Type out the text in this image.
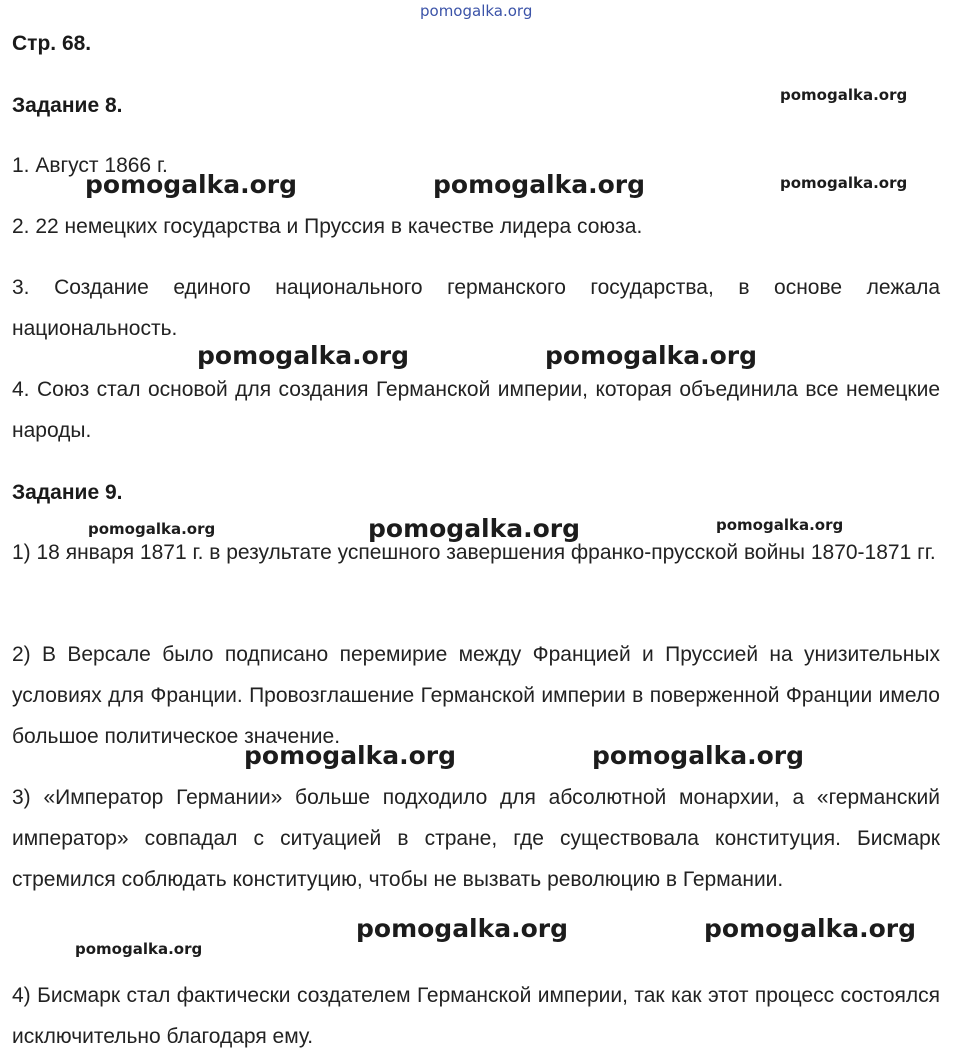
pomogalka.org
Стр. 68.
Задание 8.
1. Август 1866 г.
2. 22 немецких государства и Пруссия в качестве лидера союза.
3. Создание единого национального германского государства, в основе лежала национальность.
4. Союз стал основой для создания Германской империи, которая объединила все немецкие народы.
Задание 9.
1) 18 января 1871 г. в результате успешного завершения франко-прусской войны 1870-1871 гг.
2) В Версале было подписано перемирие между Францией и Пруссией на унизительных условиях для Франции. Провозглашение Германской империи в поверженной Франции имело большое политическое значение.
3) «Император Германии» больше подходило для абсолютной монархии, а «германский император» совпадал с ситуацией в стране, где существовала конституция. Бисмарк стремился соблюдать конституцию, чтобы не вызвать революцию в Германии.
4) Бисмарк стал фактически создателем Германской империи, так как этот процесс состоялся исключительно благодаря ему.
pomogalka.org
pomogalka.org	pomogalka.org	pomogalka.org
pomogalka.org	pomogalka.org
pomogalka.org	pomogalka.org	pomogalka.org
pomogalka.org	pomogalka.org
pomogalka.org	pomogalka.org
pomogalka.org
